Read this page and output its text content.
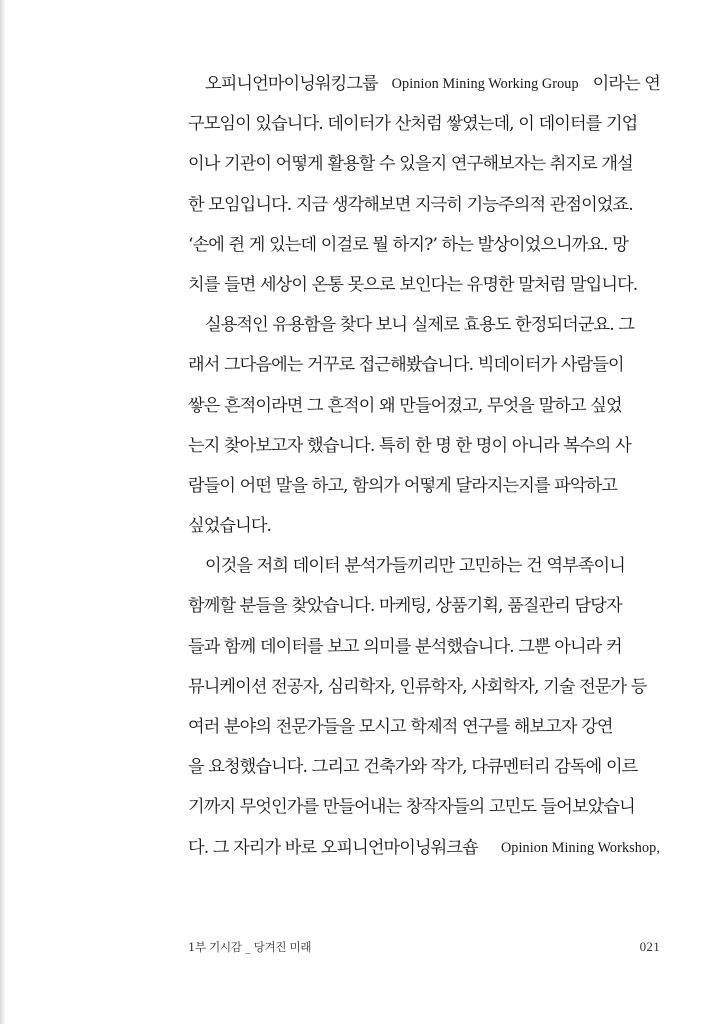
오피니언마이닝워킹그룹 Opinion Mining Working Group 이라는 연
구모임이 있습니다. 데이터가 산처럼 쌓였는데, 이 데이터를 기업
이나 기관이 어떻게 활용할 수 있을지 연구해보자는 취지로 개설
한 모임입니다. 지금 생각해보면 지극히 기능주의적 관점이었죠.
‘손에 쥔 게 있는데 이걸로 뭘 하지?’ 하는 발상이었으니까요. 망
치를 들면 세상이 온통 못으로 보인다는 유명한 말처럼 말입니다.
실용적인 유용함을 찾다 보니 실제로 효용도 한정되더군요. 그
래서 그다음에는 거꾸로 접근해봤습니다. 빅데이터가 사람들이
쌓은 흔적이라면 그 흔적이 왜 만들어졌고, 무엇을 말하고 싶었
는지 찾아보고자 했습니다. 특히 한 명 한 명이 아니라 복수의 사
람들이 어떤 말을 하고, 함의가 어떻게 달라지는지를 파악하고
싶었습니다.
이것을 저희 데이터 분석가들끼리만 고민하는 건 역부족이니
함께할 분들을 찾았습니다. 마케팅, 상품기획, 품질관리 담당자
들과 함께 데이터를 보고 의미를 분석했습니다. 그뿐 아니라 커
뮤니케이션 전공자, 심리학자, 인류학자, 사회학자, 기술 전문가 등
여러 분야의 전문가들을 모시고 학제적 연구를 해보고자 강연
을 요청했습니다. 그리고 건축가와 작가, 다큐멘터리 감독에 이르
기까지 무엇인가를 만들어내는 창작자들의 고민도 들어보았습니
다. 그 자리가 바로 오피니언마이닝워크숍 Opinion Mining Workshop,
1부 기시감 _ 당겨진 미래	021
